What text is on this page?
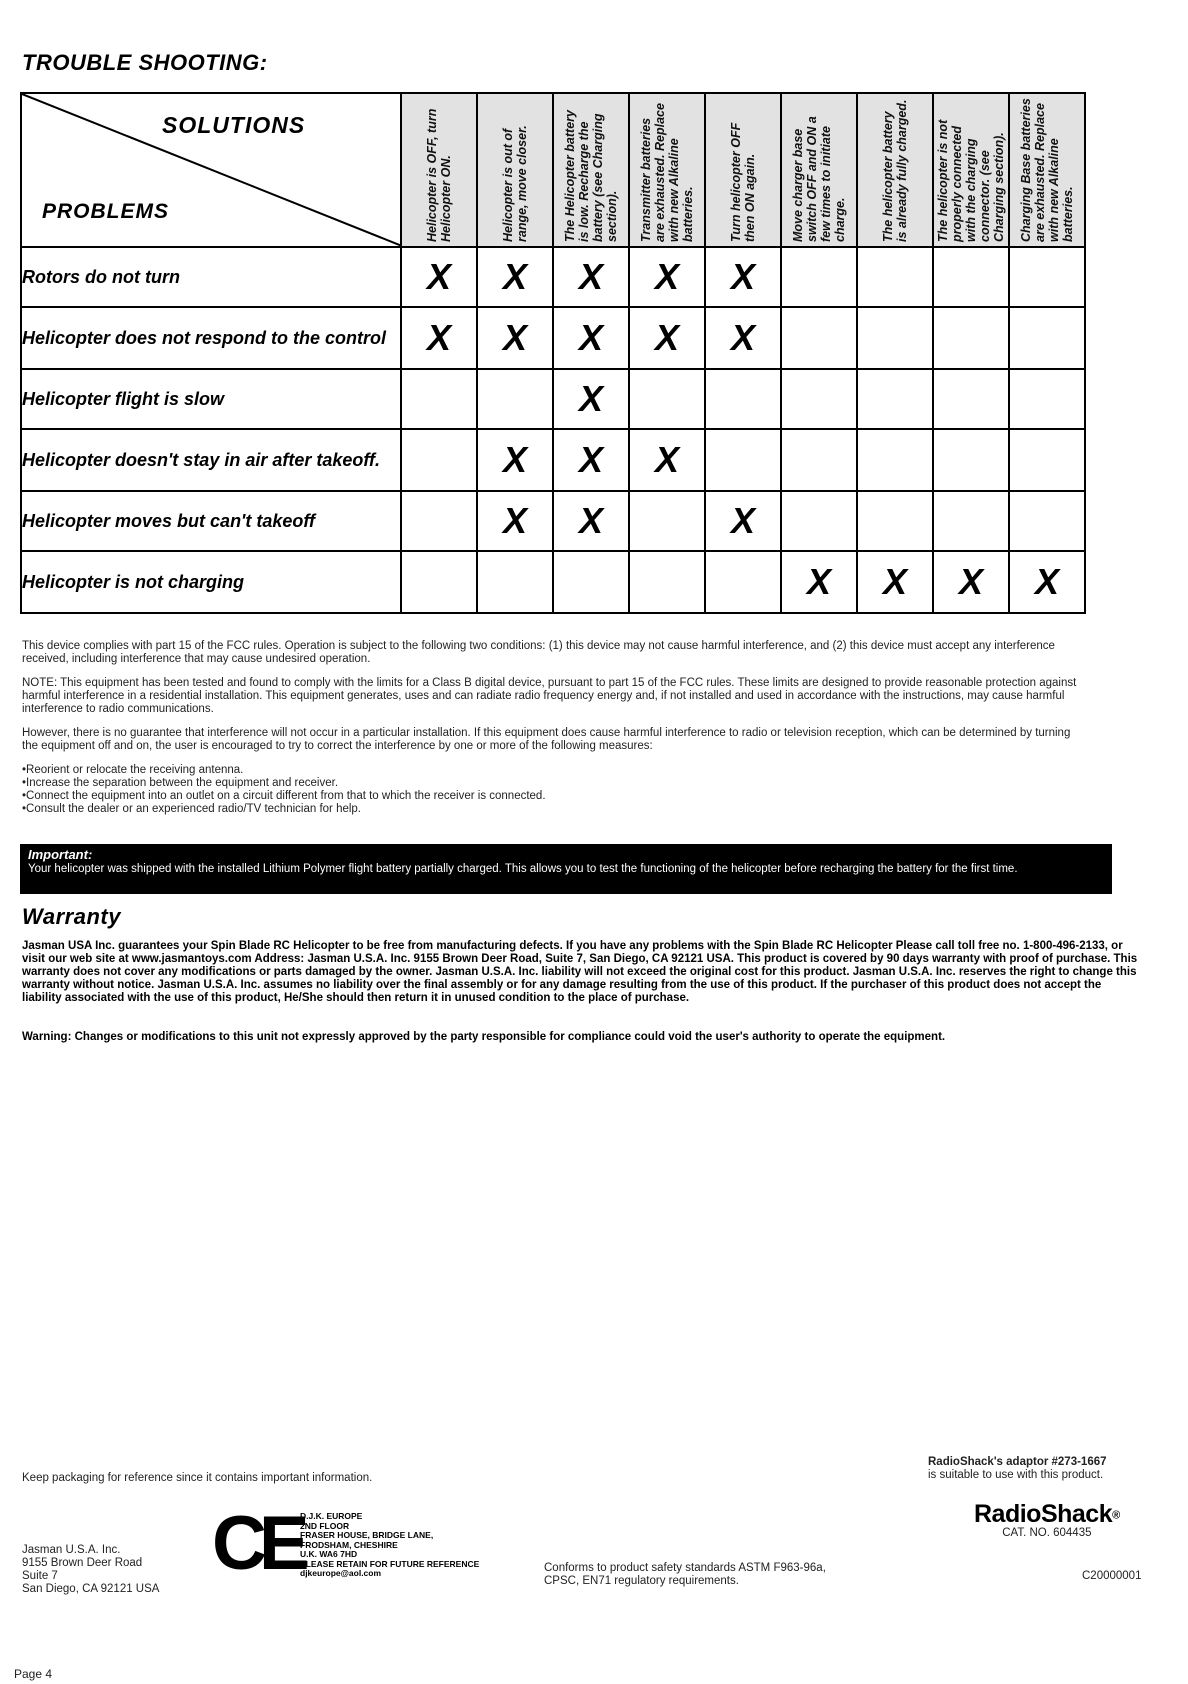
TROUBLE SHOOTING:
SOLUTIONS
PROBLEMS	Helicopter is OFF, turn Helicopter ON.	Helicopter is out of range, move closer.	The Helicopter battery is low. Recharge the battery (see Charging section).	Transmitter batteries are exhausted. Replace with new Alkaline batteries.	Turn helicopter OFF then ON again.	Move charger base switch OFF and ON a few times to initiate charge.	The helicopter battery is already fully charged.	The helicopter is not properly connected with the charging connector. (see Charging section).	Charging Base batteries are exhausted. Replace with new Alkaline batteries.

Rotors do not turn	X	X	X	X	X				
Helicopter does not respond to the control	X	X	X	X	X				
Helicopter flight is slow			X						
Helicopter doesn't stay in air after takeoff.		X	X	X					
Helicopter moves but can't takeoff		X	X		X				
Helicopter is not charging						X	X	X	X

This device complies with part 15 of the FCC rules. Operation is subject to the following two conditions: (1) this device may not cause harmful interference, and (2) this device must accept any interference received, including interference that may cause undesired operation.

NOTE: This equipment has been tested and found to comply with the limits for a Class B digital device, pursuant to part 15 of the FCC rules. These limits are designed to provide reasonable protection against harmful interference in a residential installation. This equipment generates, uses and can radiate radio frequency energy and, if not installed and used in accordance with the instructions, may cause harmful interference to radio communications.

However, there is no guarantee that interference will not occur in a particular installation. If this equipment does cause harmful interference to radio or television reception, which can be determined by turning the equipment off and on, the user is encouraged to try to correct the interference by one or more of the following measures:

•Reorient or relocate the receiving antenna.

•Increase the separation between the equipment and receiver.

•Connect the equipment into an outlet on a circuit different from that to which the receiver is connected.

•Consult the dealer or an experienced radio/TV technician for help.

Important:
Your helicopter was shipped with the installed Lithium Polymer flight battery partially charged. This allows you to test the functioning of the helicopter before recharging the battery for the first time.
Warranty
Jasman USA Inc. guarantees your Spin Blade RC Helicopter to be free from manufacturing defects. If you have any problems with the Spin Blade RC Helicopter Please call toll free no. 1-800-496-2133, or visit our web site at www.jasmantoys.com Address: Jasman U.S.A. Inc. 9155 Brown Deer Road, Suite 7, San Diego, CA 92121 USA. This product is covered by 90 days warranty with proof of purchase. This warranty does not cover any modifications or parts damaged by the owner. Jasman U.S.A. Inc. liability will not exceed the original cost for this product. Jasman U.S.A. Inc. reserves the right to change this warranty without notice. Jasman U.S.A. Inc. assumes no liability over the final assembly or for any damage resulting from the use of this product. If the purchaser of this product does not accept the liability associated with the use of this product, He/She should then return it in unused condition to the place of purchase.
Warning: Changes or modifications to this unit not expressly approved by the party responsible for compliance could void the user's authority to operate the equipment.
Keep packaging for reference since it contains important information.
RadioShack's adaptor #273-1667
is suitable to use with this product.
Jasman U.S.A. Inc.
9155 Brown Deer Road
Suite 7
San Diego, CA 92121 USA
CE
D.J.K. EUROPE
2ND FLOOR
FRASER HOUSE, BRIDGE LANE,
FRODSHAM, CHESHIRE
U.K. WA6 7HD
PLEASE RETAIN FOR FUTURE REFERENCE
djkeurope@aol.com	Conforms to product safety standards ASTM F963-96a,
CPSC, EN71 regulatory requirements.
RadioShack®
CAT. NO. 604435
C20000001
Page 4
